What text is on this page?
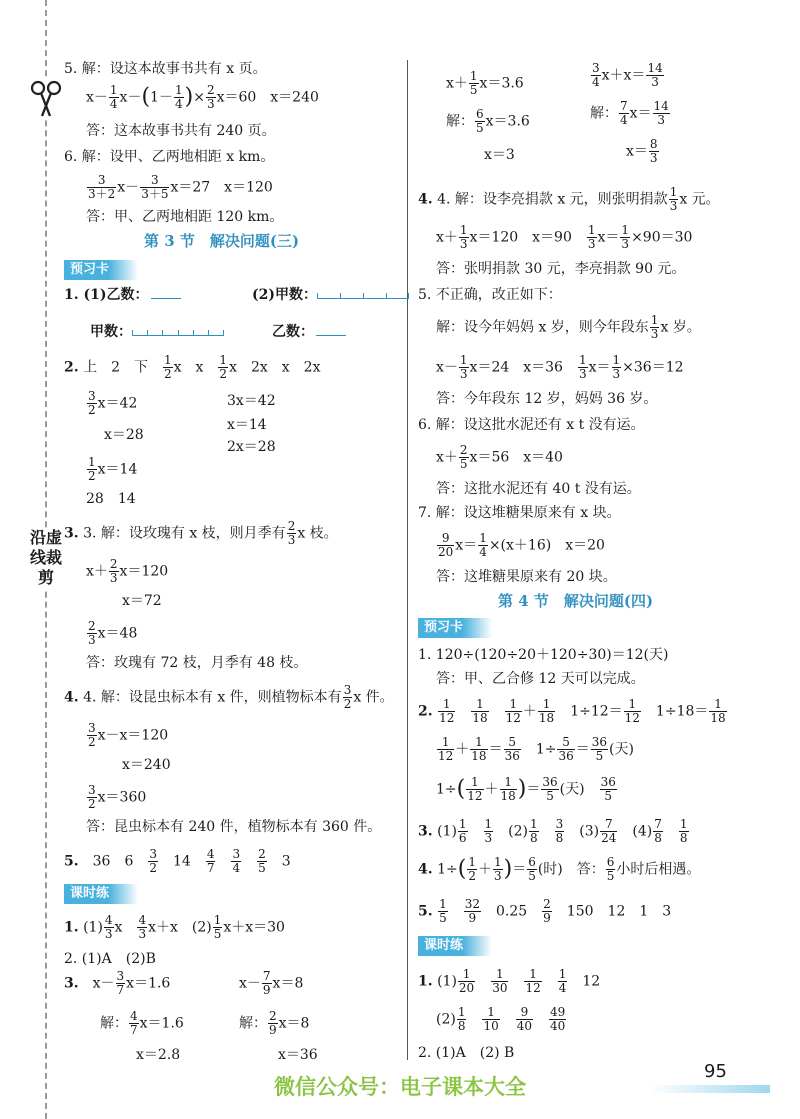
沿虚线裁剪
5. 解：设这本故事书共有 x 页。
$x- \frac{1}{4} x-(1- \frac{1}{4}$ )× $\frac{2}{3} x=60$　x＝240
答：这本故事书共有 240 页。
6. 解：设甲、乙两地相距 x km。
$\frac{3}{3+2} x- \frac{3}{3+5} x=27$　x＝120
答：甲、乙两地相距 120 km。
第 3 节　解决问题(三)
预习卡
1. (1)乙数：	(2)甲数：
甲数：	乙数：
2. 上　2　下　 $\frac{1}{2}$ x　x　 $\frac{1}{2}$ x　2x　x　2x
$\frac{3}{2} x=42$	3x＝42
x＝14
x＝28
2x＝28
$\frac{1}{2} x=14$
28　14
3. 3. 解：设玫瑰有 x 枝，则月季有 $\frac{2}{3}$ x 枝。
$x+ \frac{2}{3} x=120$
x＝72
$\frac{2}{3} x=48$
答：玫瑰有 72 枝，月季有 48 枝。
4. 4. 解：设昆虫标本有 x 件，则植物标本有 $\frac{3}{2}$ x 件。
$\frac{3}{2} x-x=120$
x＝240
$\frac{3}{2} x=360$
答：昆虫标本有 240 件，植物标本有 360 件。
5.　36　6　 $\frac{3}{2}$ 　14　 $\frac{4}{7}$
　 $\frac{3}{4}$
　 $\frac{2}{5}$ 　3
课时练
1. $(1) \frac{4}{3}$ x　 $\frac{4}{3} x+x$　$(2) \frac{1}{5} x+x=30$
2. (1)A　(2)B
3.　$x- \frac{3}{7} x=1.6$	$x- \frac{7}{9} x=8$
解： $\frac{4}{7} x=1.6$	解： $\frac{2}{9} x=8$
x＝2.8	x＝36
$x+ \frac{1}{5} x=3.6$	$\frac{3}{4} x+x= \frac{14}{3}$
解： $\frac{6}{5} x=3.6$	解： $\frac{7}{4} x= \frac{14}{3}$
x＝3	$x= \frac{8}{3}$
4. 4. 解：设李亮捐款 x 元，则张明捐款 $\frac{1}{3}$ x 元。
$x+ \frac{1}{3} x=120$　x＝90　 $\frac{1}{3} x= \frac{1}{3} \times 90=30$
答：张明捐款 30 元，李亮捐款 90 元。
5. 不正确，改正如下：
解：设今年妈妈 x 岁，则今年段东 $\frac{1}{3}$ x 岁。
$x- \frac{1}{3} x=24$　x＝36　 $\frac{1}{3} x= \frac{1}{3} \times 36=12$
答：今年段东 12 岁，妈妈 36 岁。
6. 解：设这批水泥还有 x t 没有运。
$x+ \frac{2}{5} x=56$　x＝40
答：这批水泥还有 40 t 没有运。
7. 解：设这堆糖果原来有 x 块。
$\frac{9}{20} x= \frac{1}{4} \times(x+16)$　x＝20
答：这堆糖果原来有 20 块。
第 4 节　解决问题(四)
预习卡
1. 120÷(120÷20＋120÷30)＝12(天)
答：甲、乙合修 12 天可以完成。
2. $\frac{1}{12}$
　 $\frac{1}{18}$
　 $\frac{1}{12} + \frac{1}{18}$ 　$1\div 12= \frac{1}{12}$ 　$1\div 18= \frac{1}{18}$
$\frac{1}{12} + \frac{1}{18} = \frac{5}{36}$ 　$1\div \frac{5}{36} = \frac{36}{5}$ (天)
$1\div( \frac{1}{12} + \frac{1}{18}$ )＝ $\frac{36}{5}$ (天)　 $\frac{36}{5}$
3. $(1) \frac{1}{6}$
　 $\frac{1}{3}$ 　$(2) \frac{1}{8}$
　 $\frac{3}{8}$ 　$(3) \frac{7}{24}$ 　$(4) \frac{7}{8}$
　 $\frac{1}{8}$
4. $1\div( \frac{1}{2} + \frac{1}{3}$ )＝ $\frac{6}{5}$ (时)　答： $\frac{6}{5}$ 小时后相遇。
5. $\frac{1}{5}$
　 $\frac{32}{9}$ 　0.25　 $\frac{2}{9}$ 　150　12　1　3
课时练
1. $(1) \frac{1}{20}$
　 $\frac{1}{30}$
　 $\frac{1}{12}$
　 $\frac{1}{4}$ 　12
$(2) \frac{1}{8}$
　 $\frac{1}{10}$
　 $\frac{9}{40}$
　 $\frac{49}{40}$
2. (1)A　(2) B
95
微信公众号：电子课本大全
